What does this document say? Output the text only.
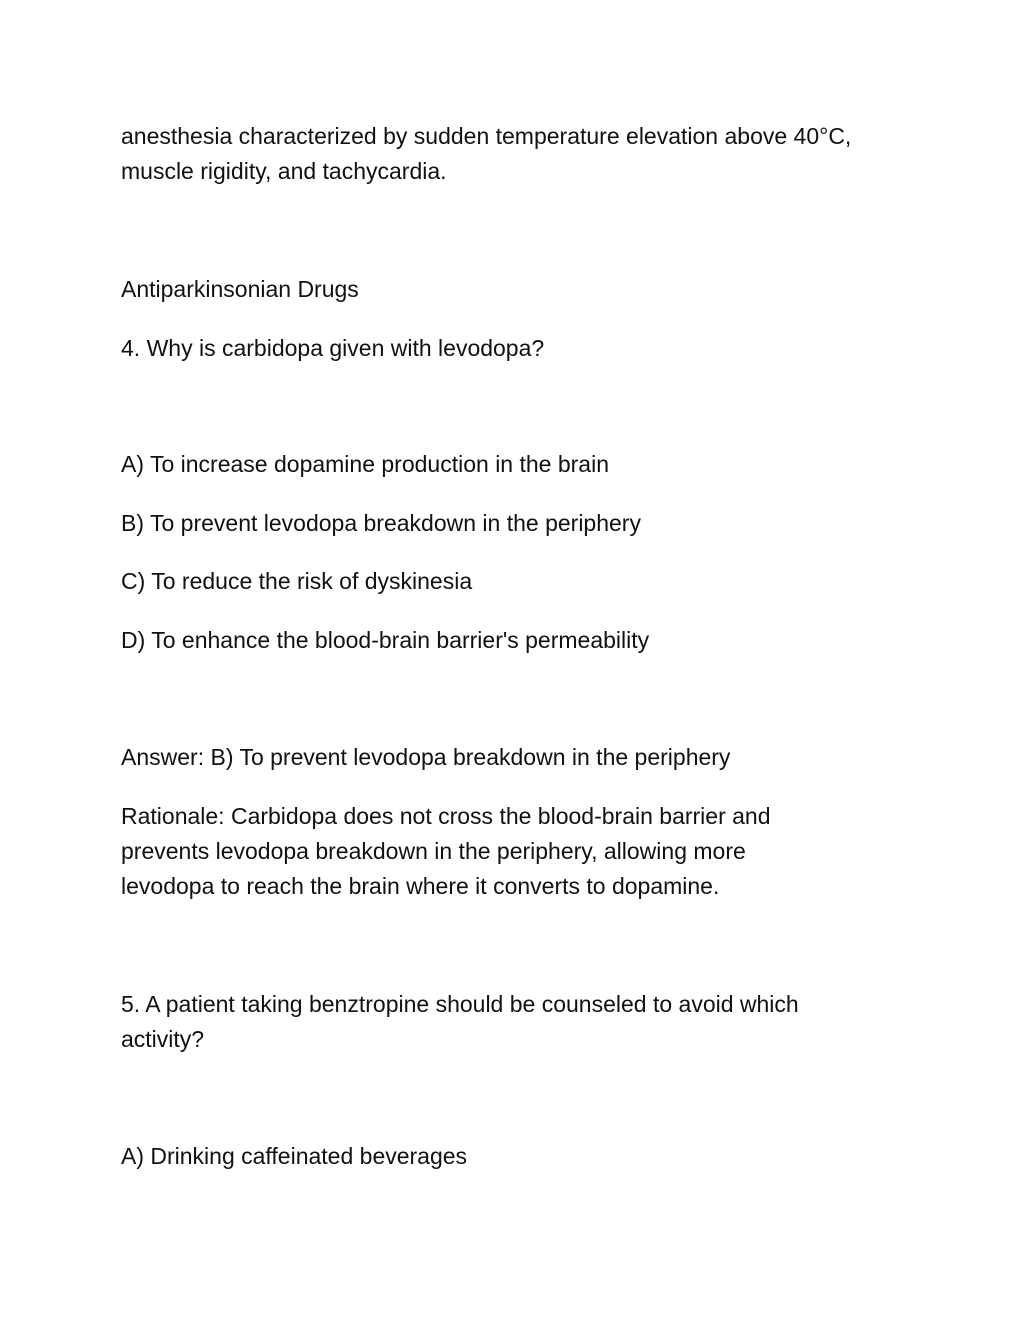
anesthesia characterized by sudden temperature elevation above 40°C,
muscle rigidity, and tachycardia.
Antiparkinsonian Drugs
4. Why is carbidopa given with levodopa?
A) To increase dopamine production in the brain
B) To prevent levodopa breakdown in the periphery
C) To reduce the risk of dyskinesia
D) To enhance the blood-brain barrier's permeability
Answer: B) To prevent levodopa breakdown in the periphery
Rationale: Carbidopa does not cross the blood-brain barrier and
prevents levodopa breakdown in the periphery, allowing more
levodopa to reach the brain where it converts to dopamine.
5. A patient taking benztropine should be counseled to avoid which
activity?
A) Drinking caffeinated beverages
